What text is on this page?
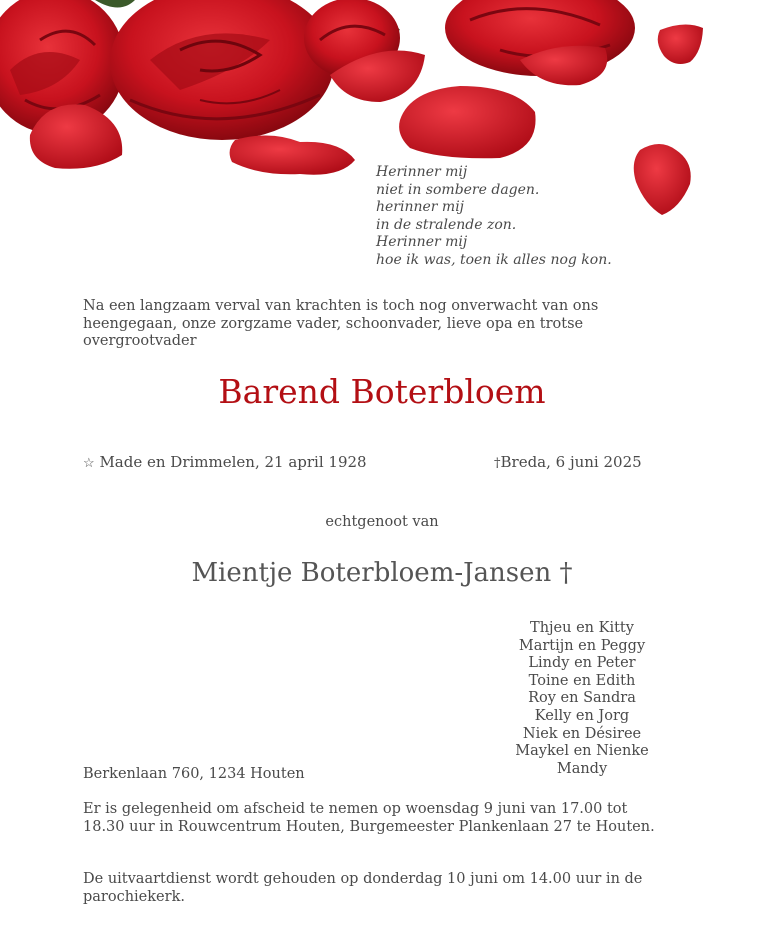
Herinner mij
niet in sombere dagen.
herinner mij
in de stralende zon.
Herinner mij
hoe ik was, toen ik alles nog kon.
Na een langzaam verval van krachten is toch nog onverwacht van ons heengegaan, onze zorgzame vader, schoonvader, lieve opa en trotse overgrootvader
Barend Boterbloem
☆ Made en Drimmelen, 21 april 1928	†Breda, 6 juni 2025
echtgenoot van
Mientje Boterbloem-Jansen †
Thjeu en Kitty
Martijn en Peggy
Lindy en Peter
Toine en Edith
Roy en Sandra
Kelly en Jorg
Niek en Désiree
Maykel en Nienke
Mandy
Berkenlaan 760, 1234 Houten
Er is gelegenheid om afscheid te nemen op woensdag 9 juni van 17.00 tot 18.30 uur in Rouwcentrum Houten, Burgemeester Plankenlaan 27 te Houten.
De uitvaartdienst wordt gehouden op donderdag 10 juni om 14.00 uur in de parochiekerk.
